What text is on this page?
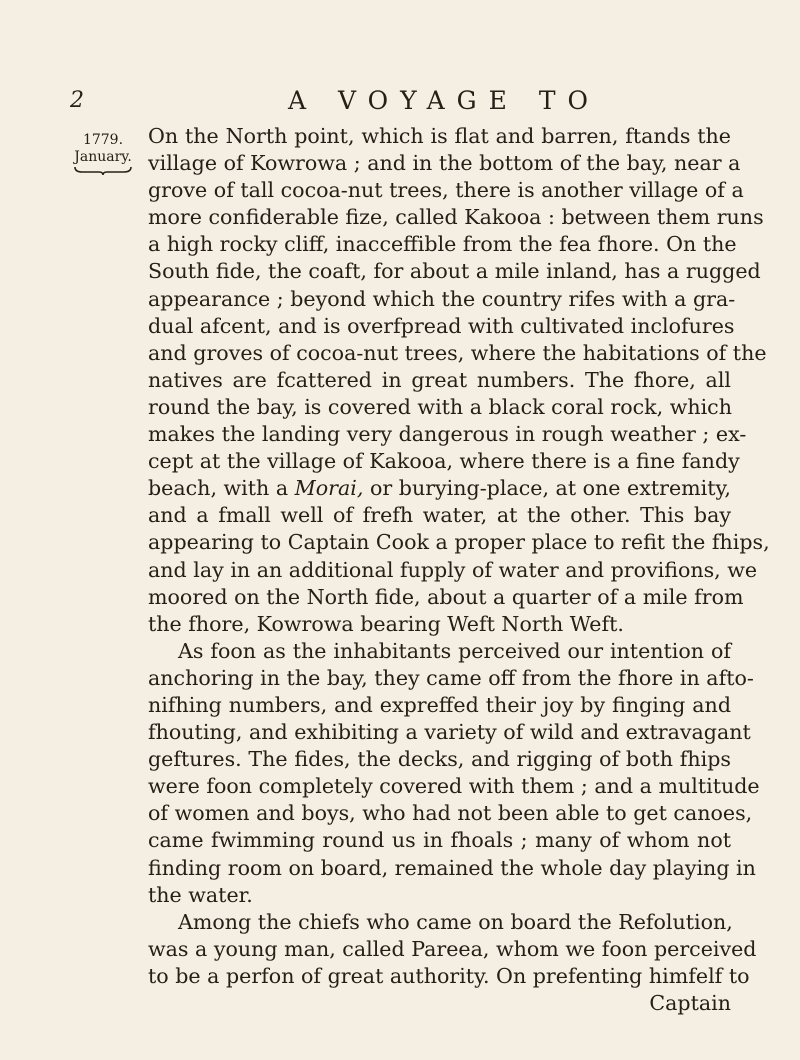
2	A VOYAGE TO
1779.
January.
On the North point, which is flat and barren, ftands the
village of Kowrowa ; and in the bottom of the bay, near a
grove of tall cocoa-nut trees, there is another village of a
more confiderable fize, called Kakooa : between them runs
a high rocky cliff, inacceffible from the fea fhore. On the
South fide, the coaft, for about a mile inland, has a rugged
appearance ; beyond which the country rifes with a gra-
dual afcent, and is overfpread with cultivated inclofures
and groves of cocoa-nut trees, where the habitations of the
natives are fcattered in great numbers. The fhore, all
round the bay, is covered with a black coral rock, which
makes the landing very dangerous in rough weather ; ex-
cept at the village of Kakooa, where there is a fine fandy
beach, with a Morai, or burying-place, at one extremity,
and a fmall well of frefh water, at the other. This bay
appearing to Captain Cook a proper place to refit the fhips,
and lay in an additional fupply of water and provifions, we
moored on the North fide, about a quarter of a mile from
the fhore, Kowrowa bearing Weft North Weft.
As foon as the inhabitants perceived our intention of
anchoring in the bay, they came off from the fhore in afto-
nifhing numbers, and expreffed their joy by finging and
fhouting, and exhibiting a variety of wild and extravagant
geftures. The fides, the decks, and rigging of both fhips
were foon completely covered with them ; and a multitude
of women and boys, who had not been able to get canoes,
came fwimming round us in fhoals ; many of whom not
finding room on board, remained the whole day playing in
the water.
Among the chiefs who came on board the Refolution,
was a young man, called Pareea, whom we foon perceived
to be a perfon of great authority. On prefenting himfelf to
Captain
